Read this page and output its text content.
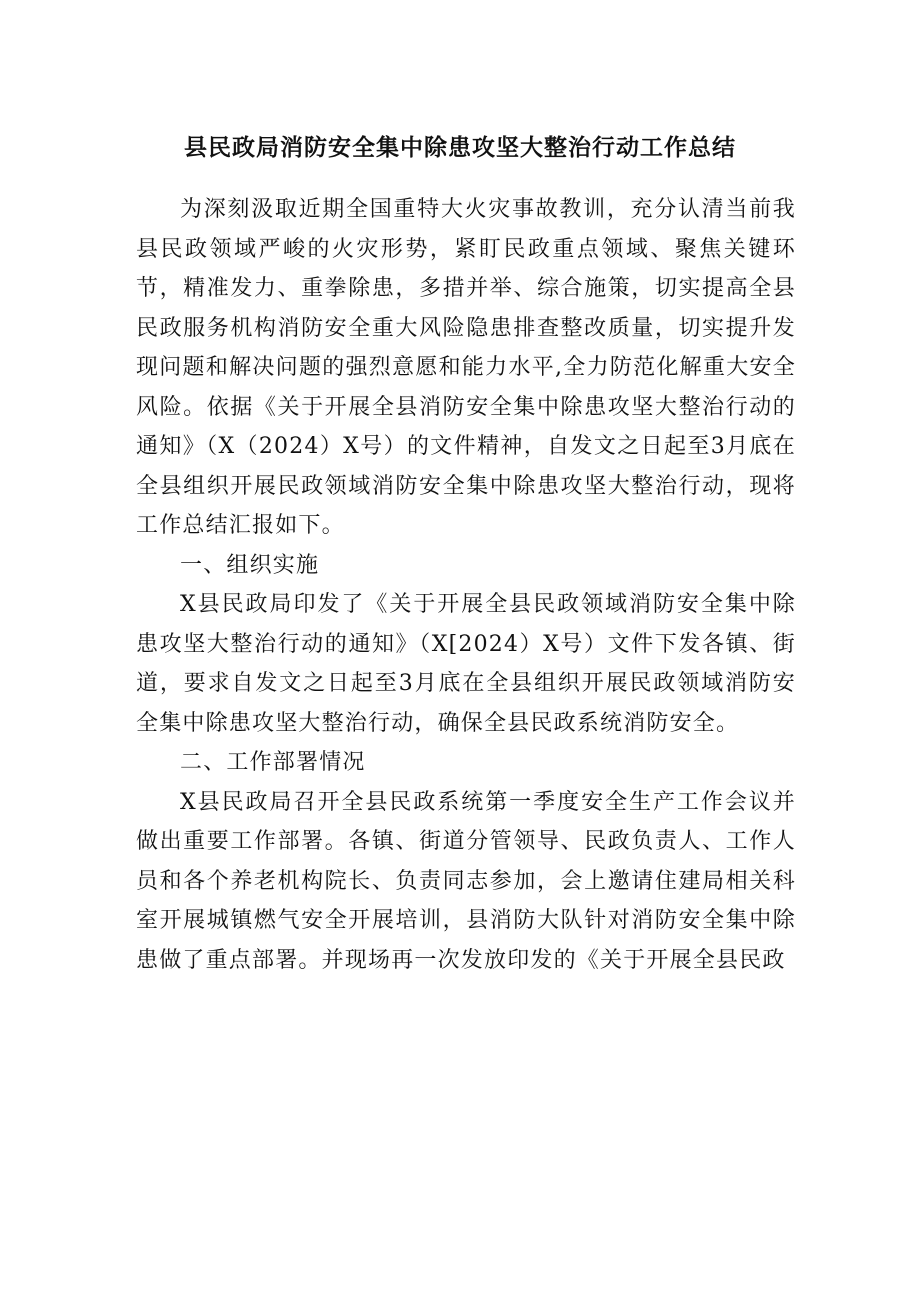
县民政局消防安全集中除患攻坚大整治行动工作总结

为深刻汲取近期全国重特大火灾事故教训，充分认清当前我县民政领域严峻的火灾形势，紧盯民政重点领域、聚焦关键环节，精准发力、重拳除患，多措并举、综合施策，切实提高全县民政服务机构消防安全重大风险隐患排查整改质量，切实提升发现问题和解决问题的强烈意愿和能力水平,全力防范化解重大安全风险。依据《关于开展全县消防安全集中除患攻坚大整治行动的通知》（X（2024）X号）的文件精神，自发文之日起至3月底在全县组织开展民政领域消防安全集中除患攻坚大整治行动，现将工作总结汇报如下。

一、组织实施

X县民政局印发了《关于开展全县民政领域消防安全集中除患攻坚大整治行动的通知》（X[2024）X号）文件下发各镇、街道，要求自发文之日起至3月底在全县组织开展民政领域消防安全集中除患攻坚大整治行动，确保全县民政系统消防安全。

二、工作部署情况

X县民政局召开全县民政系统第一季度安全生产工作会议并做出重要工作部署。各镇、街道分管领导、民政负责人、工作人员和各个养老机构院长、负责同志参加，会上邀请住建局相关科室开展城镇燃气安全开展培训，县消防大队针对消防安全集中除患做了重点部署。并现场再一次发放印发的《关于开展全县民政
